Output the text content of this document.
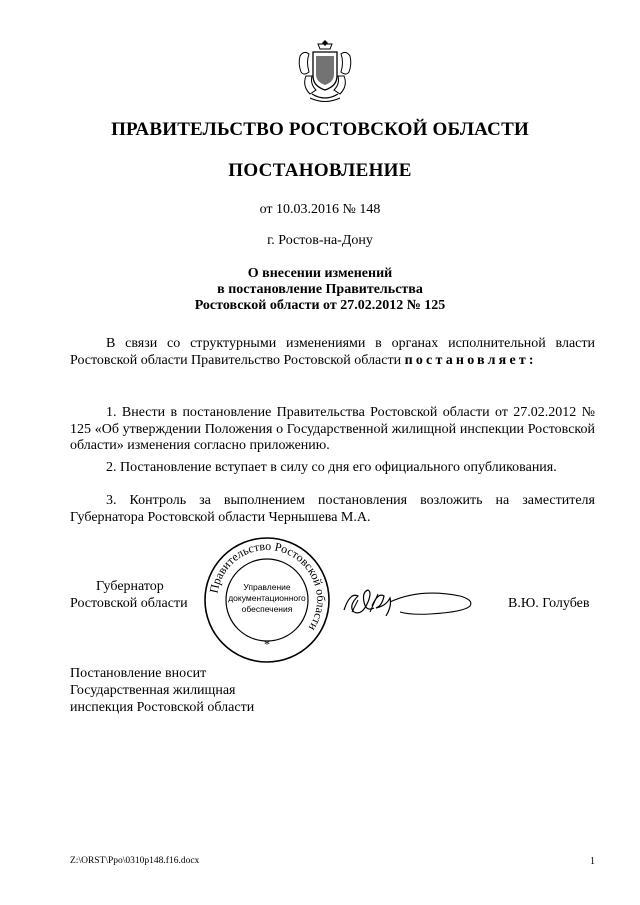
ПРАВИТЕЛЬСТВО РОСТОВСКОЙ ОБЛАСТИ
ПОСТАНОВЛЕНИЕ
от 10.03.2016 № 148
г. Ростов-на-Дону
О внесении изменений
в постановление Правительства
Ростовской области от 27.02.2012 № 125
В связи со структурными изменениями в органах исполнительной власти Ростовской области Правительство Ростовской области постановляет:
1. Внести в постановление Правительства Ростовской области от 27.02.2012 № 125 «Об утверждении Положения о Государственной жилищной инспекции Ростовской области» изменения согласно приложению.
2. Постановление вступает в силу со дня его официального опубликования.
3. Контроль за выполнением постановления возложить на заместителя Губернатора Ростовской области Чернышева М.А.
Губернатор
Ростовской области
Правительство Ростовской области
Управление
документационного
обеспечения
*
В.Ю. Голубев
Постановление вносит
Государственная жилищная
инспекция Ростовской области
Z:\ORST\Ppo\0310p148.f16.docx	1
